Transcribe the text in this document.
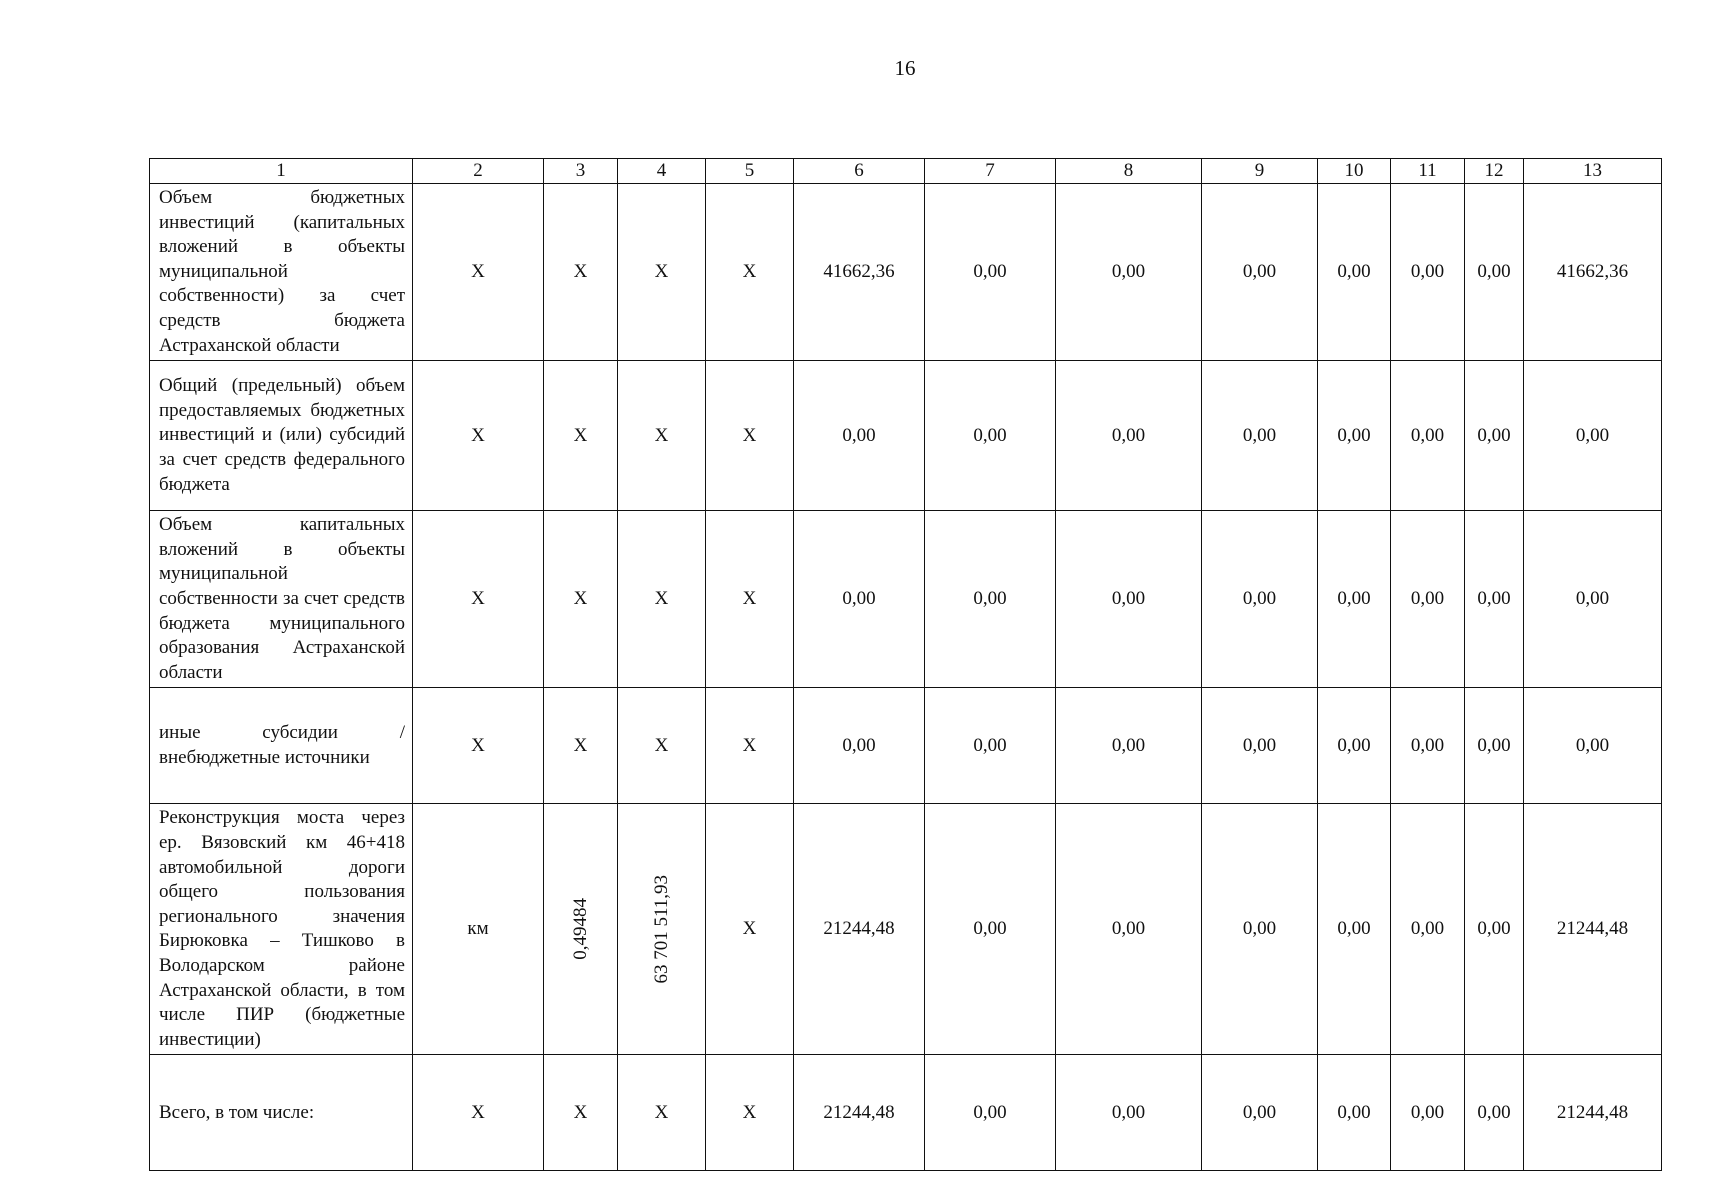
16
1	2	3	4	5	6	7	8	9	10	11	12	13
Объем бюджетных инвестиций (капитальных вложений в объекты муниципальной собственности) за счет средств бюджета Астраханской области	Х	Х	Х	Х	41662,36	0,00	0,00	0,00	0,00	0,00	0,00	41662,36
Общий (предельный) объем предоставляемых бюджетных инвестиций и (или) субсидий за счет средств федерального бюджета	Х	Х	Х	Х	0,00	0,00	0,00	0,00	0,00	0,00	0,00	0,00
Объем капитальных вложений в объекты муниципальной собственности за счет средств бюджета муниципального образования Астраханской области	Х	Х	Х	Х	0,00	0,00	0,00	0,00	0,00	0,00	0,00	0,00
иные субсидии / внебюджетные источники	Х	Х	Х	Х	0,00	0,00	0,00	0,00	0,00	0,00	0,00	0,00
Реконструкция моста через ер. Вязовский км 46+418 автомобильной дороги общего пользования регионального значения Бирюковка – Тишково в Володарском районе Астраханской области, в том числе ПИР (бюджетные инвестиции)	км	0,49484	63 701 511,93	Х	21244,48	0,00	0,00	0,00	0,00	0,00	0,00	21244,48
Всего, в том числе:	Х	Х	Х	Х	21244,48	0,00	0,00	0,00	0,00	0,00	0,00	21244,48
